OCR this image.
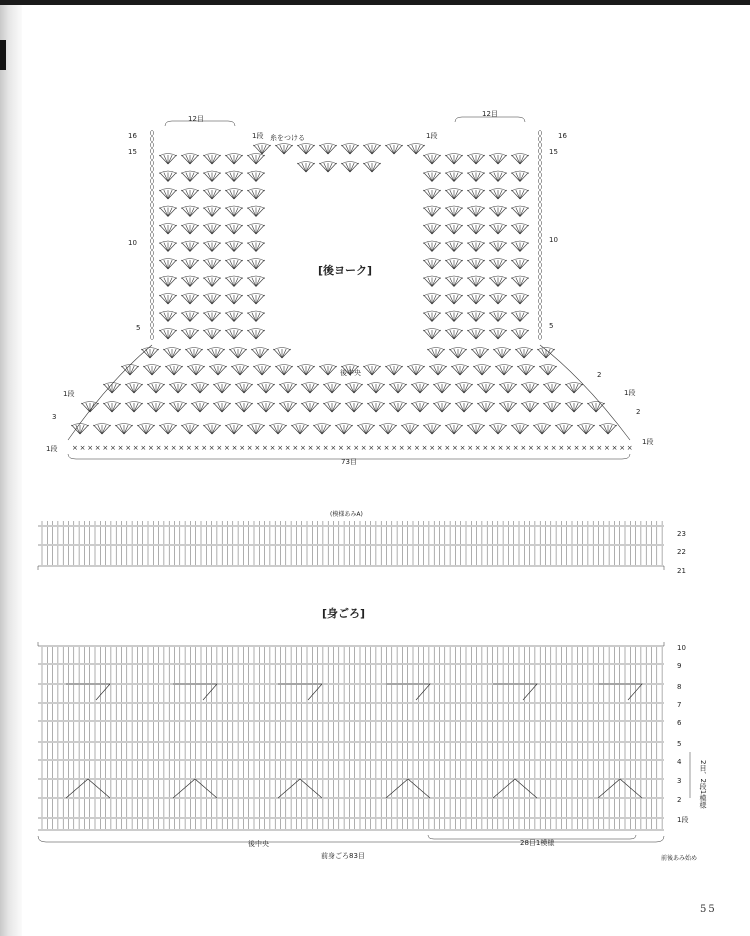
× × × × × × × × × × × × × × × × × × × × × × × × × × × × × × × × × × × × × × × × × × × × × × × × × × × × × × × × × × × × × × × × × × × × × × × × × ×
[後ヨーク]
12目
12目
糸をつける
後中央
73目
1段	1段
16
15
10
5
1段
3
1段
16
15
10
5
2
1段
2
1段
(模様あみA)
[身ごろ]
23
22
21
10
9
8
7
6
5
4
3
2
1段
2目、2段1模様
後中央	28目1模様
前身ごろ83目	前後あみ始め
55
